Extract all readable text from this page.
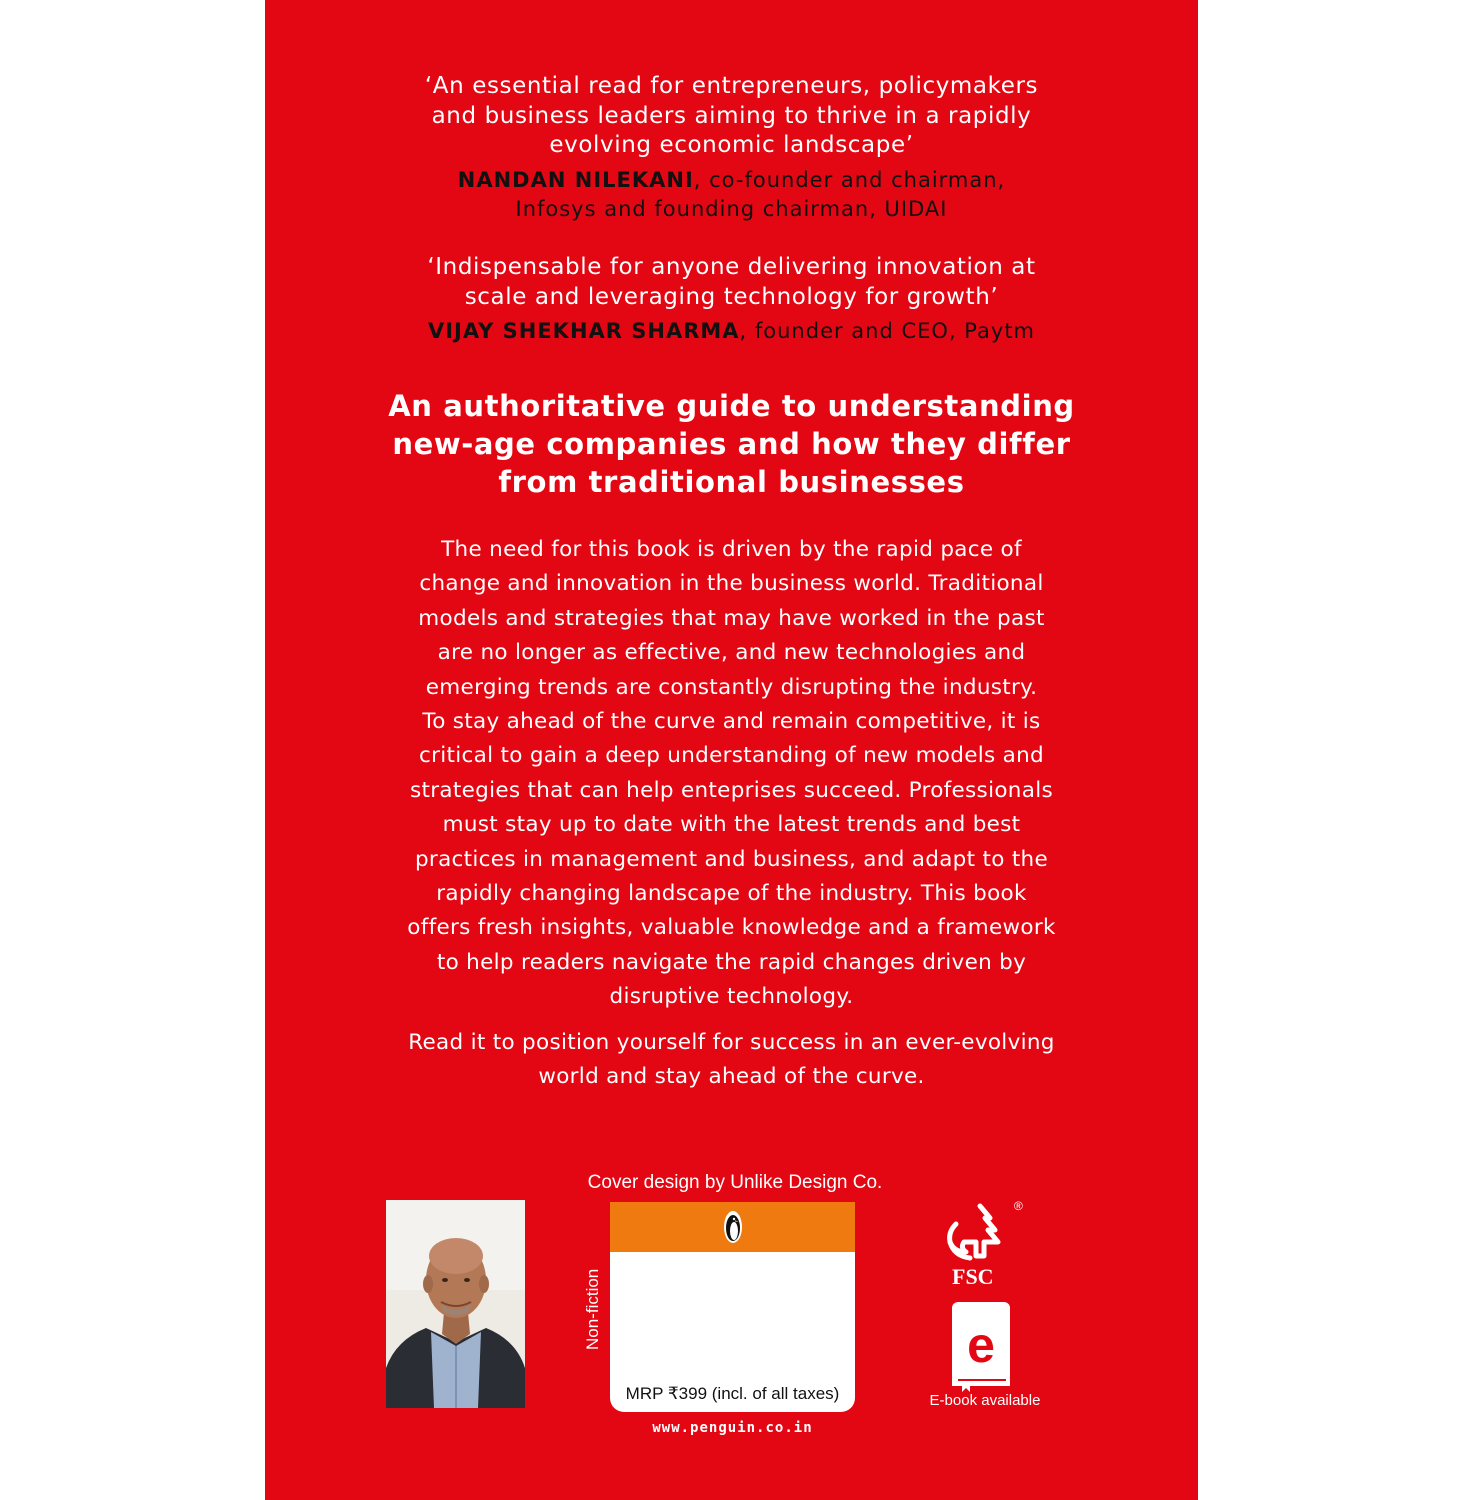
‘An essential read for entrepreneurs, policymakers
and business leaders aiming to thrive in a rapidly
evolving economic landscape’
NANDAN NILEKANI, co-founder and chairman,
Infosys and founding chairman, UIDAI
‘Indispensable for anyone delivering innovation at
scale and leveraging technology for growth’
VIJAY SHEKHAR SHARMA, founder and CEO, Paytm
An authoritative guide to understanding
new-age companies and how they differ
from traditional businesses
The need for this book is driven by the rapid pace of
change and innovation in the business world. Traditional
models and strategies that may have worked in the past
are no longer as effective, and new technologies and
emerging trends are constantly disrupting the industry.
To stay ahead of the curve and remain competitive, it is
critical to gain a deep understanding of new models and
strategies that can help enteprises succeed. Professionals
must stay up to date with the latest trends and best
practices in management and business, and adapt to the
rapidly changing landscape of the industry. This book
offers fresh insights, valuable knowledge and a framework
to help readers navigate the rapid changes driven by
disruptive technology.
Read it to position yourself for success in an ever-evolving
world and stay ahead of the curve.
Cover design by Unlike Design Co.
Non-fiction
MRP ₹399 (incl. of all taxes)
www.penguin.co.in
®
FSC
e
E-book available
